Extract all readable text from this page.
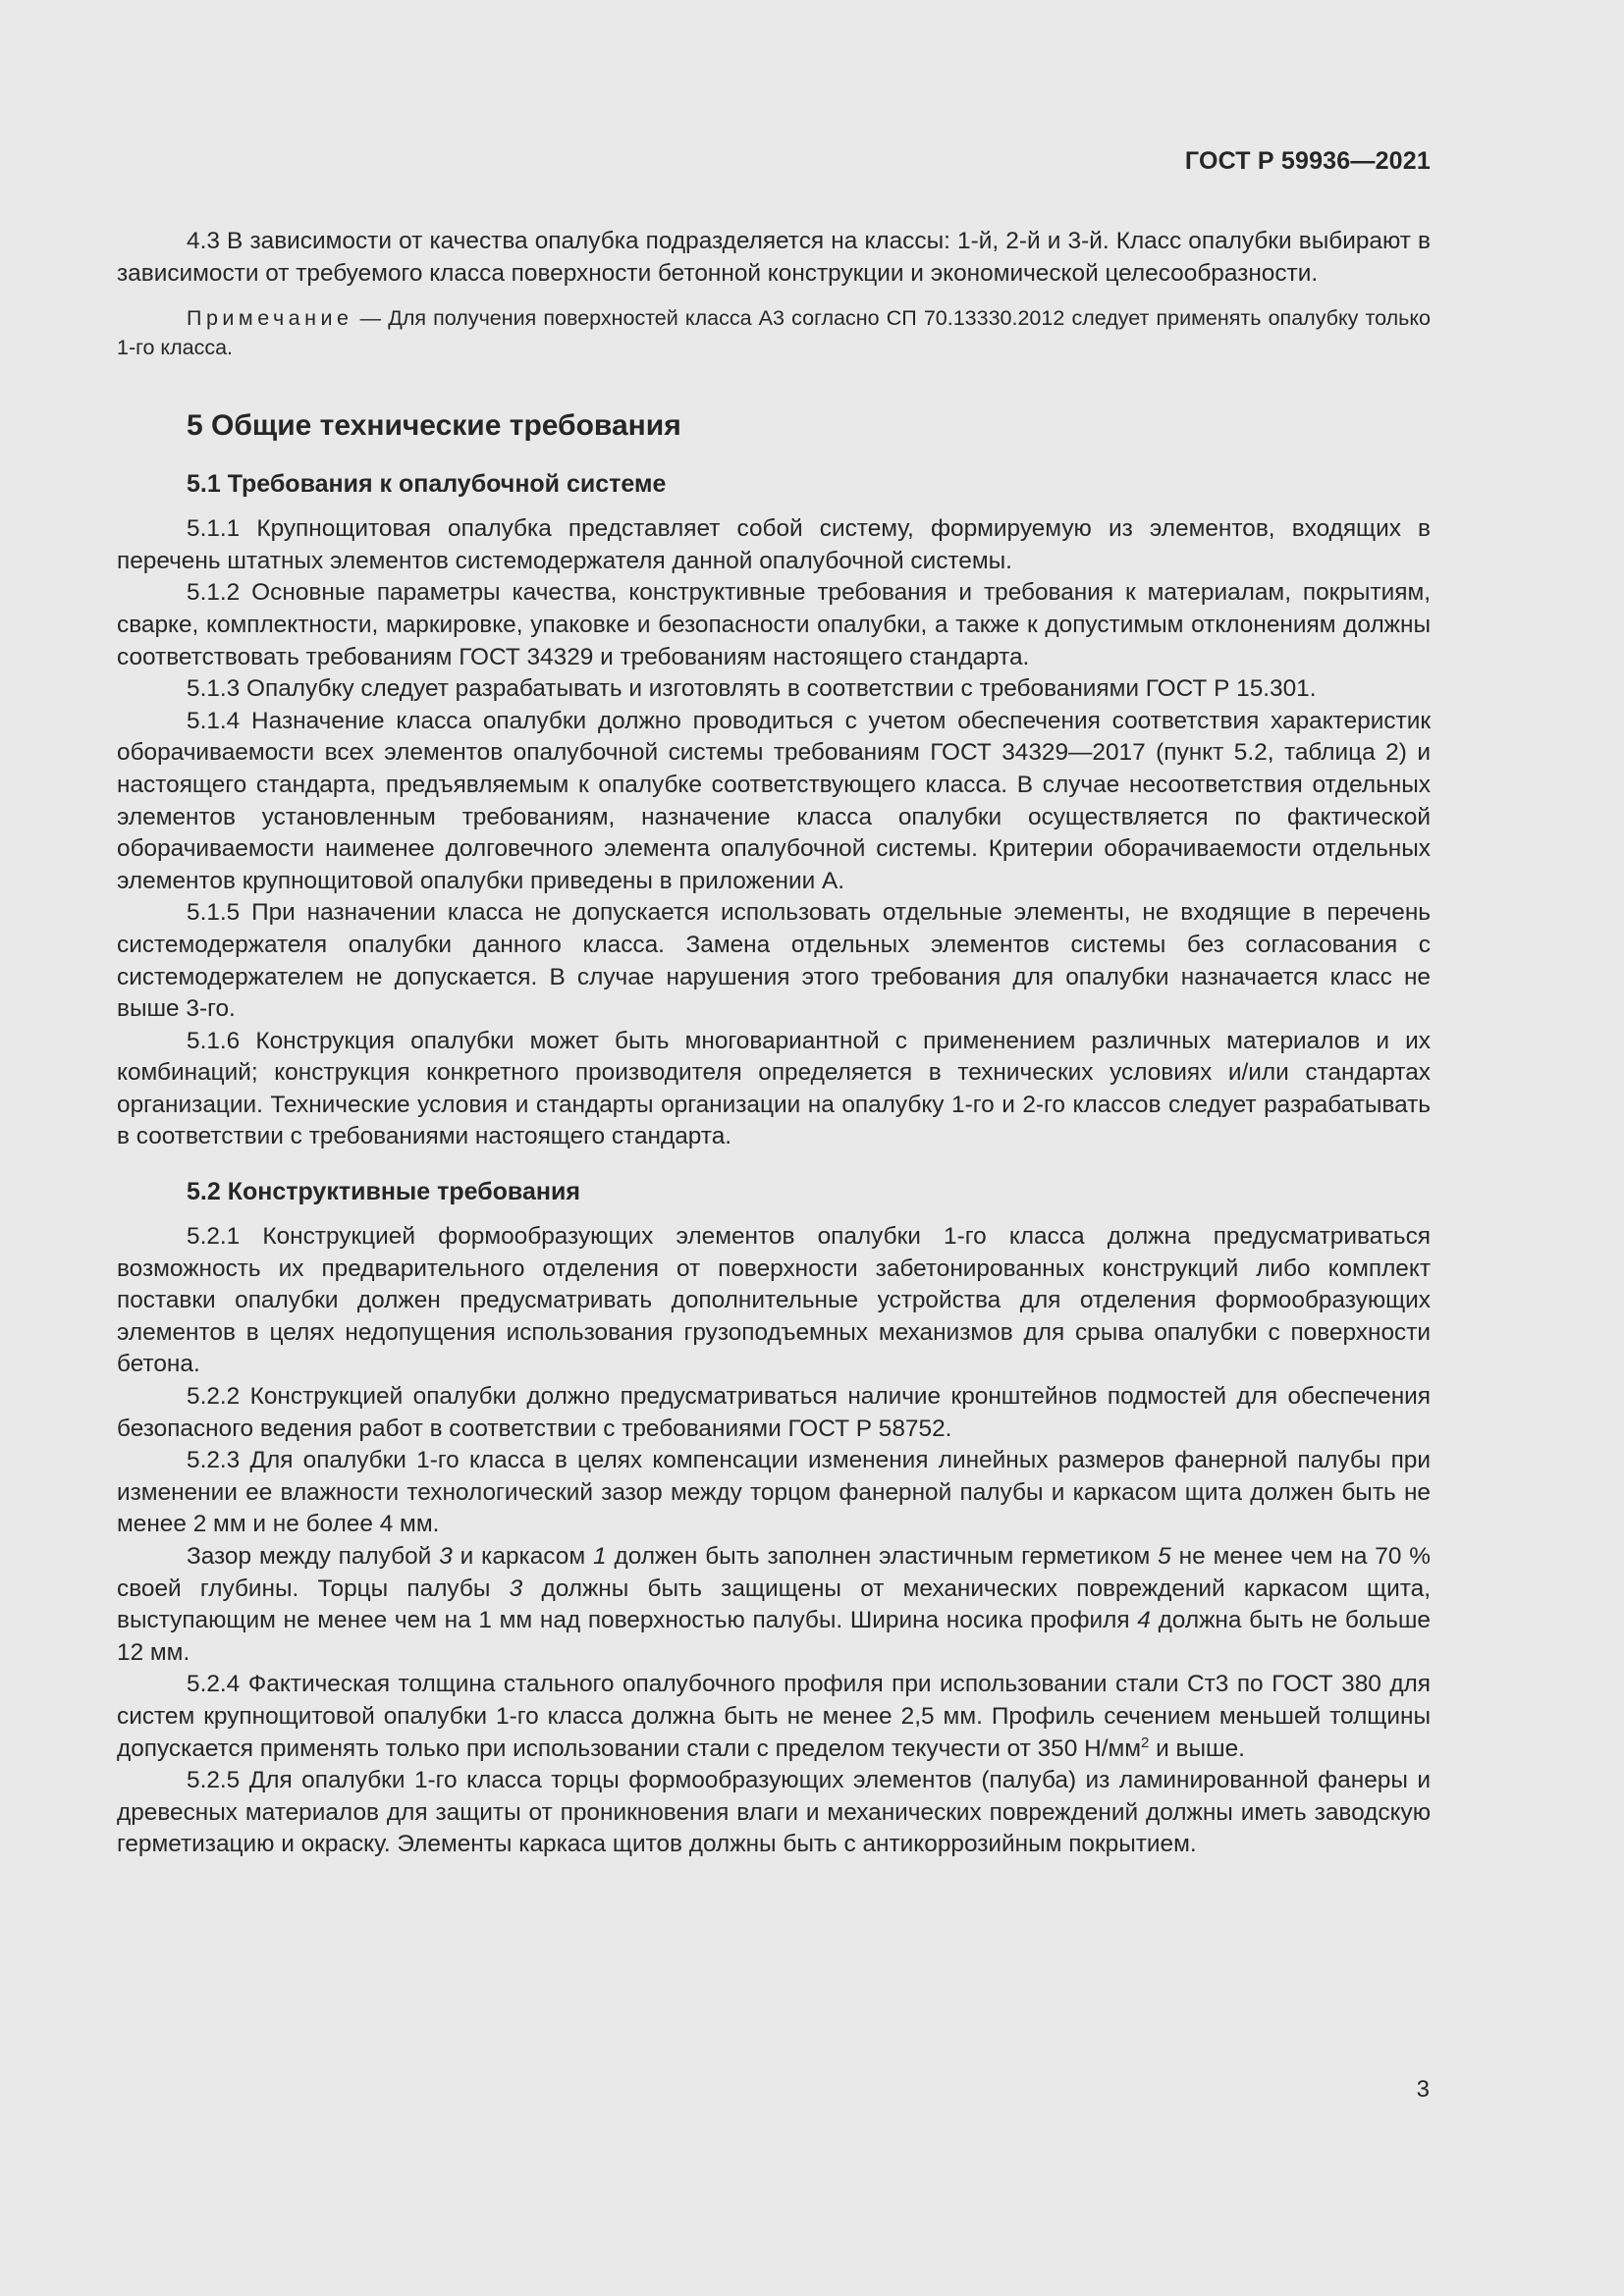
ГОСТ Р 59936—2021

4.3 В зависимости от качества опалубка подразделяется на классы: 1-й, 2-й и 3-й. Класс опалубки выбирают в зависимости от требуемого класса поверхности бетонной конструкции и экономической целесообразности.

Примечание — Для получения поверхностей класса А3 согласно СП 70.13330.2012 следует применять опалубку только 1-го класса.

5 Общие технические требования
5.1 Требования к опалубочной системе

5.1.1 Крупнощитовая опалубка представляет собой систему, формируемую из элементов, входящих в перечень штатных элементов системодержателя данной опалубочной системы.

5.1.2 Основные параметры качества, конструктивные требования и требования к материалам, покрытиям, сварке, комплектности, маркировке, упаковке и безопасности опалубки, а также к допустимым отклонениям должны соответствовать требованиям ГОСТ 34329 и требованиям настоящего стандарта.

5.1.3 Опалубку следует разрабатывать и изготовлять в соответствии с требованиями ГОСТ Р 15.301.

5.1.4 Назначение класса опалубки должно проводиться с учетом обеспечения соответствия характеристик оборачиваемости всех элементов опалубочной системы требованиям ГОСТ 34329—2017 (пункт 5.2, таблица 2) и настоящего стандарта, предъявляемым к опалубке соответствующего класса. В случае несоответствия отдельных элементов установленным требованиям, назначение класса опалубки осуществляется по фактической оборачиваемости наименее долговечного элемента опалубочной системы. Критерии оборачиваемости отдельных элементов крупнощитовой опалубки приведены в приложении А.

5.1.5 При назначении класса не допускается использовать отдельные элементы, не входящие в перечень системодержателя опалубки данного класса. Замена отдельных элементов системы без согласования с системодержателем не допускается. В случае нарушения этого требования для опалубки назначается класс не выше 3-го.

5.1.6 Конструкция опалубки может быть многовариантной с применением различных материалов и их комбинаций; конструкция конкретного производителя определяется в технических условиях и/или стандартах организации. Технические условия и стандарты организации на опалубку 1-го и 2-го классов следует разрабатывать в соответствии с требованиями настоящего стандарта.

5.2 Конструктивные требования

5.2.1 Конструкцией формообразующих элементов опалубки 1-го класса должна предусматриваться возможность их предварительного отделения от поверхности забетонированных конструкций либо комплект поставки опалубки должен предусматривать дополнительные устройства для отделения формообразующих элементов в целях недопущения использования грузоподъемных механизмов для срыва опалубки с поверхности бетона.

5.2.2 Конструкцией опалубки должно предусматриваться наличие кронштейнов подмостей для обеспечения безопасного ведения работ в соответствии с требованиями ГОСТ Р 58752.

5.2.3 Для опалубки 1-го класса в целях компенсации изменения линейных размеров фанерной палубы при изменении ее влажности технологический зазор между торцом фанерной палубы и каркасом щита должен быть не менее 2 мм и не более 4 мм.

Зазор между палубой 3 и каркасом 1 должен быть заполнен эластичным герметиком 5 не менее чем на 70 % своей глубины. Торцы палубы 3 должны быть защищены от механических повреждений каркасом щита, выступающим не менее чем на 1 мм над поверхностью палубы. Ширина носика профиля 4 должна быть не больше 12 мм.

5.2.4 Фактическая толщина стального опалубочного профиля при использовании стали Ст3 по ГОСТ 380 для систем крупнощитовой опалубки 1-го класса должна быть не менее 2,5 мм. Профиль сечением меньшей толщины допускается применять только при использовании стали с пределом текучести от 350 $Н/мм^2$ и выше.

5.2.5 Для опалубки 1-го класса торцы формообразующих элементов (палуба) из ламинированной фанеры и древесных материалов для защиты от проникновения влаги и механических повреждений должны иметь заводскую герметизацию и окраску. Элементы каркаса щитов должны быть с антикоррозийным покрытием.

3
